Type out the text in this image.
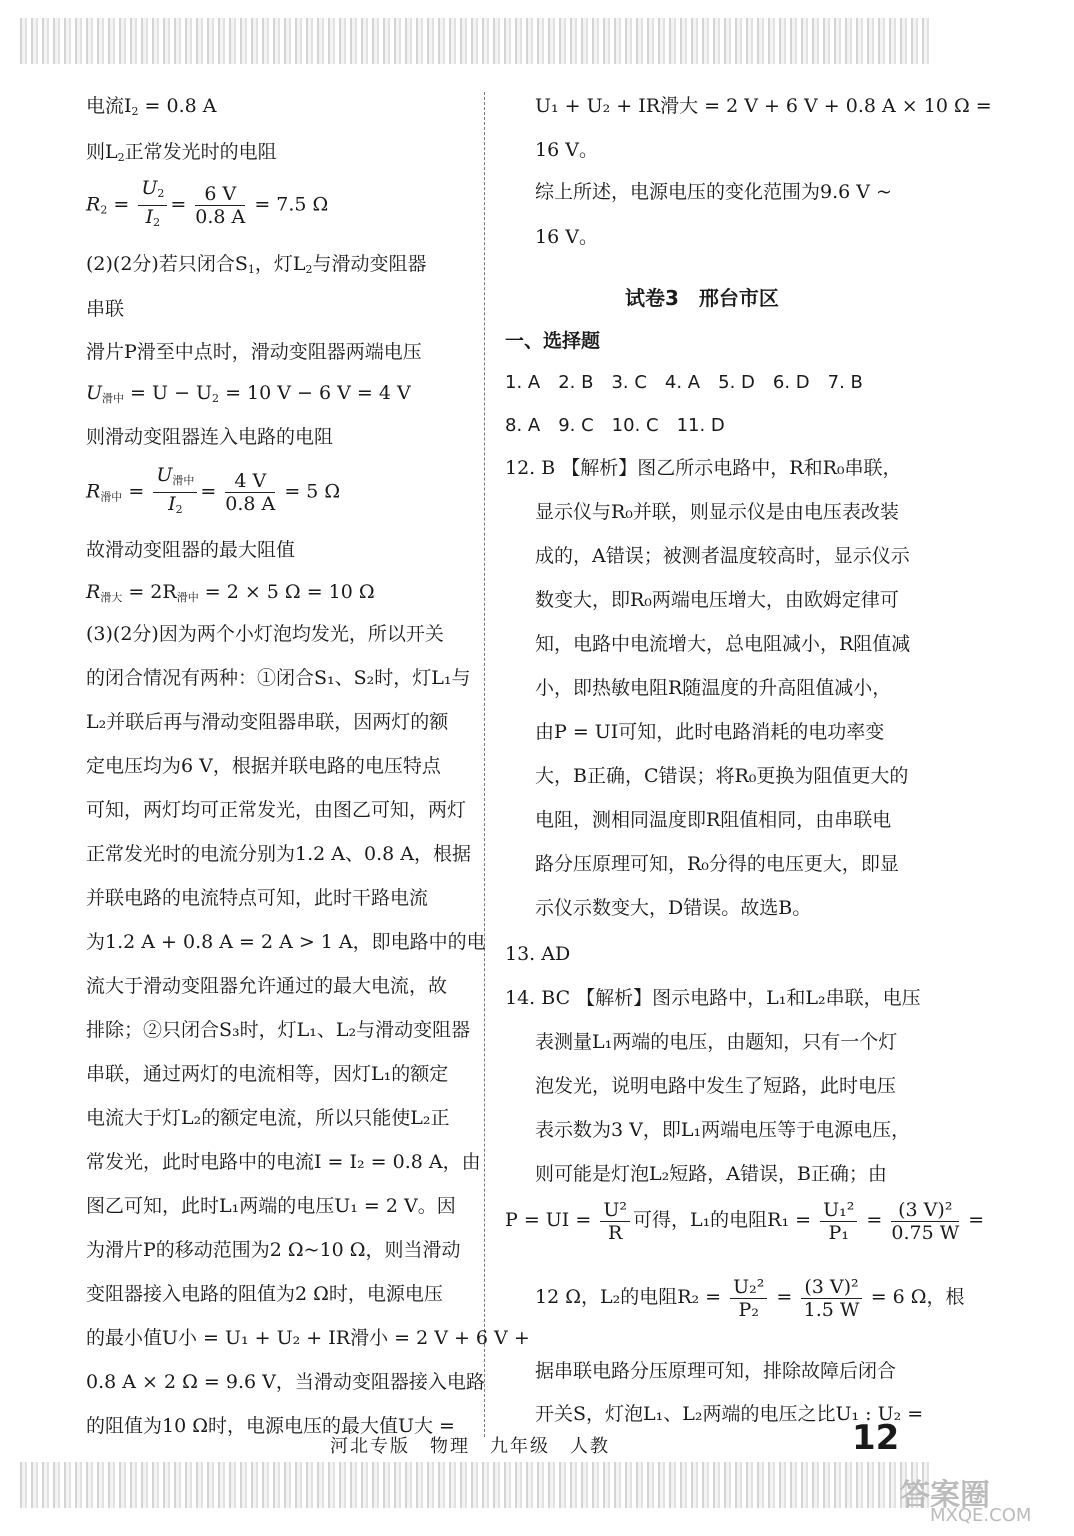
电流$I_2 = 0.8$ A
则$L_2$正常发光时的电阻
$R_2 = \frac{U_2}{I_2} = \frac{6 V}{0.8 A} = 7.5$ Ω
(2)(2分)若只闭合$S_1$，灯$L_2$与滑动变阻器
串联
滑片P滑至中点时，滑动变阻器两端电压
$U_{滑中} = U - U_2 = 10$ V − 6 V = 4 V
则滑动变阻器连入电路的电阻
$R_{滑中} = \frac{U_{滑中}}{I_2} = \frac{4 V}{0.8 A} = 5$ Ω
故滑动变阻器的最大阻值
$R_{滑大} = 2R_{滑中} = 2 \times 5$ Ω = 10 Ω
(3)(2分)因为两个小灯泡均发光，所以开关
的闭合情况有两种：①闭合S₁、S₂时，灯L₁与
L₂并联后再与滑动变阻器串联，因两灯的额
定电压均为6 V，根据并联电路的电压特点
可知，两灯均可正常发光，由图乙可知，两灯
正常发光时的电流分别为1.2 A、0.8 A，根据
并联电路的电流特点可知，此时干路电流
为1.2 A + 0.8 A = 2 A > 1 A，即电路中的电
流大于滑动变阻器允许通过的最大电流，故
排除；②只闭合S₃时，灯L₁、L₂与滑动变阻器
串联，通过两灯的电流相等，因灯L₁的额定
电流大于灯L₂的额定电流，所以只能使L₂正
常发光，此时电路中的电流I = I₂ = 0.8 A，由
图乙可知，此时L₁两端的电压U₁ = 2 V。因
为滑片P的移动范围为2 Ω~10 Ω，则当滑动
变阻器接入电路的阻值为2 Ω时，电源电压
的最小值U小 = U₁ + U₂ + IR滑小 = 2 V + 6 V +
0.8 A × 2 Ω = 9.6 V，当滑动变阻器接入电路
的阻值为10 Ω时，电源电压的最大值U大 =
U₁ + U₂ + IR滑大 = 2 V + 6 V + 0.8 A × 10 Ω =
16 V。
综上所述，电源电压的变化范围为9.6 V ~
16 V。
试卷3　邢台市区
一、选择题
1. A　2. B　3. C　4. A　5. D　6. D　7. B
8. A　9. C　10. C　11. D
12. B 【解析】图乙所示电路中，R和R₀串联，
显示仪与R₀并联，则显示仪是由电压表改装
成的，A错误；被测者温度较高时，显示仪示
数变大，即R₀两端电压增大，由欧姆定律可
知，电路中电流增大，总电阻减小，R阻值减
小，即热敏电阻R随温度的升高阻值减小，
由P = UI可知，此时电路消耗的电功率变
大，B正确，C错误；将R₀更换为阻值更大的
电阻，测相同温度即R阻值相同，由串联电
路分压原理可知，R₀分得的电压更大，即显
示仪示数变大，D错误。故选B。
13. AD
14. BC 【解析】图示电路中，L₁和L₂串联，电压
表测量L₁两端的电压，由题知，只有一个灯
泡发光，说明电路中发生了短路，此时电压
表示数为3 V，即L₁两端电压等于电源电压，
则可能是灯泡L₂短路，A错误，B正确；由
P = UI = $\frac{\text{U²}}{R}$ 可得，L₁的电阻$R_1 = \frac{\text{U₁²}}{\text{P₁}} = \frac{\text{(3 V)²}}{0.75 W}$ =
12 Ω，L₂的电阻$R_2 = \frac{\text{U₂²}}{\text{P₂}} = \frac{\text{(3 V)²}}{1.5 W} = 6$ Ω，根
据串联电路分压原理可知，排除故障后闭合
开关S，灯泡L₁、L₂两端的电压之比U₁ : U₂ =
河北专版　物理　九年级　人教	12
答案圈
MXQE.COM
